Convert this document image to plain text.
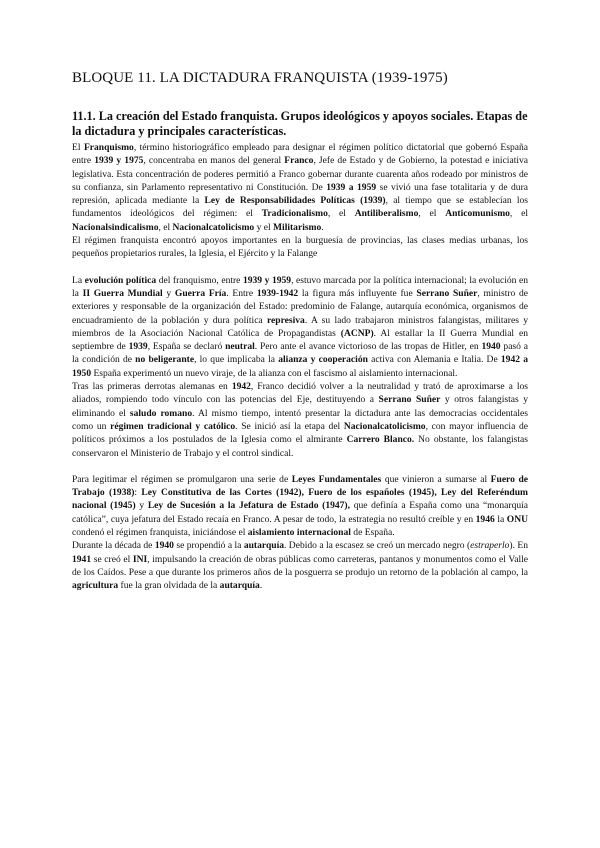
BLOQUE 11. LA DICTADURA FRANQUISTA (1939-1975)
11.1. La creación del Estado franquista. Grupos ideológicos y apoyos sociales. Etapas de la dictadura y principales características.

El Franquismo, término historiográfico empleado para designar el régimen político dictatorial que gobernó España entre 1939 y 1975, concentraba en manos del general Franco, Jefe de Estado y de Gobierno, la potestad e iniciativa legislativa. Esta concentración de poderes permitió a Franco gobernar durante cuarenta años rodeado por ministros de su confianza, sin Parlamento representativo ni Constitución. De 1939 a 1959 se vivió una fase totalitaria y de dura represión, aplicada mediante la Ley de Responsabilidades Políticas (1939), al tiempo que se establecían los fundamentos ideológicos del régimen: el Tradicionalismo, el Antiliberalismo, el Anticomunismo, el Nacionalsindicalismo, el Nacionalcatolicismo y el Militarismo.

El régimen franquista encontró apoyos importantes en la burguesía de provincias, las clases medias urbanas, los pequeños propietarios rurales, la Iglesia, el Ejército y la Falange

La evolución política del franquismo, entre 1939 y 1959, estuvo marcada por la política internacional; la evolución en la II Guerra Mundial y Guerra Fría. Entre 1939-1942 la figura más influyente fue Serrano Suñer, ministro de exteriores y responsable de la organización del Estado: predominio de Falange, autarquía económica, organismos de encuadramiento de la población y dura política represiva. A su lado trabajaron ministros falangistas, militares y miembros de la Asociación Nacional Católica de Propagandistas (ACNP). Al estallar la II Guerra Mundial en septiembre de 1939, España se declaró neutral. Pero ante el avance victorioso de las tropas de Hitler, en 1940 pasó a la condición de no beligerante, lo que implicaba la alianza y cooperación activa con Alemania e Italia. De 1942 a 1950 España experimentó un nuevo viraje, de la alianza con el fascismo al aislamiento internacional.

Tras las primeras derrotas alemanas en 1942, Franco decidió volver a la neutralidad y trató de aproximarse a los aliados, rompiendo todo vínculo con las potencias del Eje, destituyendo a Serrano Suñer y otros falangistas y eliminando el saludo romano. Al mismo tiempo, intentó presentar la dictadura ante las democracias occidentales como un régimen tradicional y católico. Se inició así la etapa del Nacionalcatolicismo, con mayor influencia de políticos próximos a los postulados de la Iglesia como el almirante Carrero Blanco. No obstante, los falangistas conservaron el Ministerio de Trabajo y el control sindical.

Para legitimar el régimen se promulgaron una serie de Leyes Fundamentales que vinieron a sumarse al Fuero de Trabajo (1938): Ley Constitutiva de las Cortes (1942), Fuero de los españoles (1945), Ley del Referéndum nacional (1945) y Ley de Sucesión a la Jefatura de Estado (1947), que definía a España como una “monarquía católica”, cuya jefatura del Estado recaía en Franco. A pesar de todo, la estrategia no resultó creíble y en 1946 la ONU condenó el régimen franquista, iniciándose el aislamiento internacional de España.

Durante la década de 1940 se propendió a la autarquía. Debido a la escasez se creó un mercado negro (estraperlo). En 1941 se creó el INI, impulsando la creación de obras públicas como carreteras, pantanos y monumentos como el Valle de los Caídos. Pese a que durante los primeros años de la posguerra se produjo un retorno de la población al campo, la agricultura fue la gran olvidada de la autarquía.
